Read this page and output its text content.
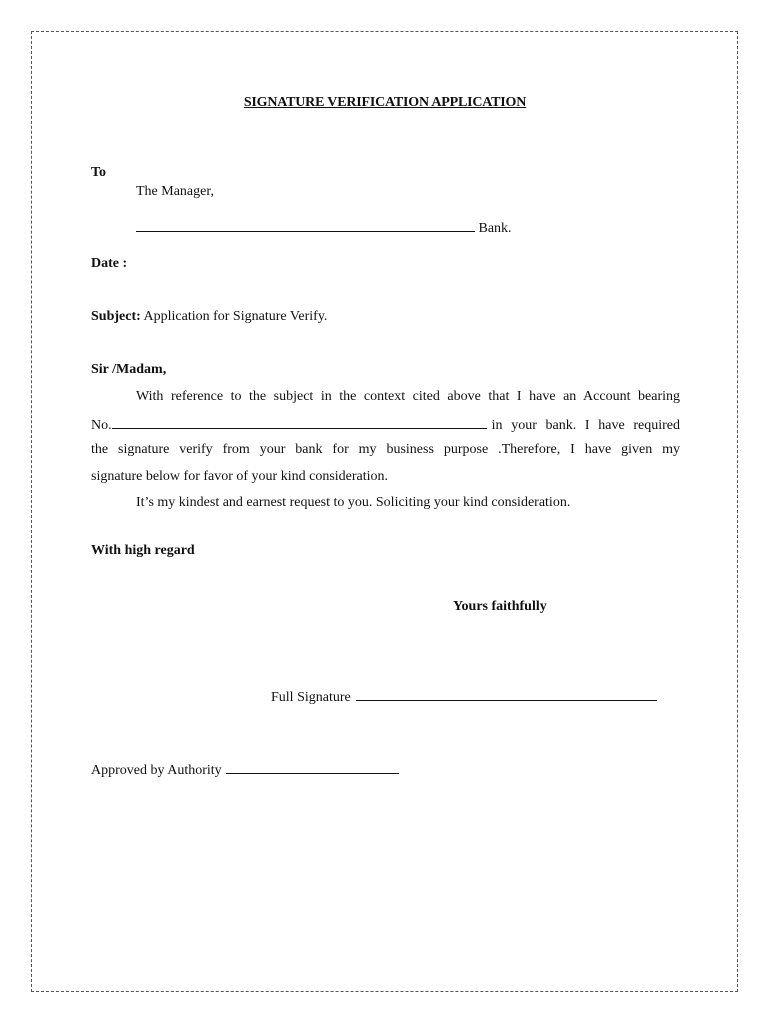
SIGNATURE VERIFICATION APPLICATION
To
The Manager,
Bank.
Date :
Subject: Application for Signature Verify.
Sir /Madam,
With reference to the subject in the context cited above that I have an Account bearing
No.	in your bank. I have required
the signature verify from your bank for my business purpose .Therefore, I have given my
signature below for favor of your kind consideration.
It’s my kindest and earnest request to you. Soliciting your kind consideration.
With high regard
Yours faithfully
Full Signature
Approved by Authority
